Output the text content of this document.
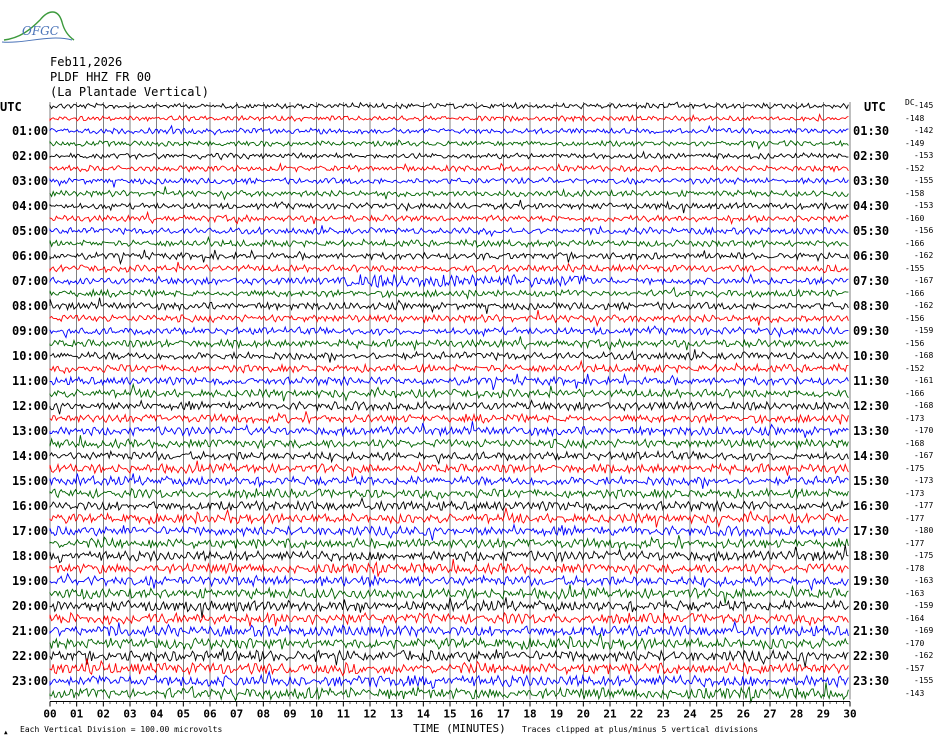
OFGC
Feb11,2026
PLDF HHZ FR 00
(La Plantade Vertical)
UTC	UTC DC
00 01 02 03 04 05 06 07 08 09 10 11 12 13 14 15 16 17 18 19 20 21 22 23 24 25 26 27 28 29 30
01:00
02:00
03:00
04:00
05:00
06:00
07:00
08:00
09:00
10:00
11:00
12:00
13:00
14:00
15:00
16:00
17:00
18:00
19:00
20:00
21:00
22:00
23:00
01:30
02:30
03:30
04:30
05:30
06:30
07:30
08:30
09:30
10:30
11:30
12:30
13:30
14:30
15:30
16:30
17:30
18:30
19:30
20:30
21:30
22:30
23:30
-145
-148
-142
-149
-153
-152
-155
-158
-153
-160
-156
-166
-162
-155
-167
-166
-162
-156
-159
-156
-168
-152
-161
-166
-168
-173
-170
-168
-167
-175
-173
-173
-177
-177
-180
-177
-175
-178
-163
-163
-159
-164
-169
-170
-162
-157
-155
-143
TIME (MINUTES)
▲ Each Vertical Division = 100.00 microvolts	Traces clipped at plus/minus 5 vertical divisions
